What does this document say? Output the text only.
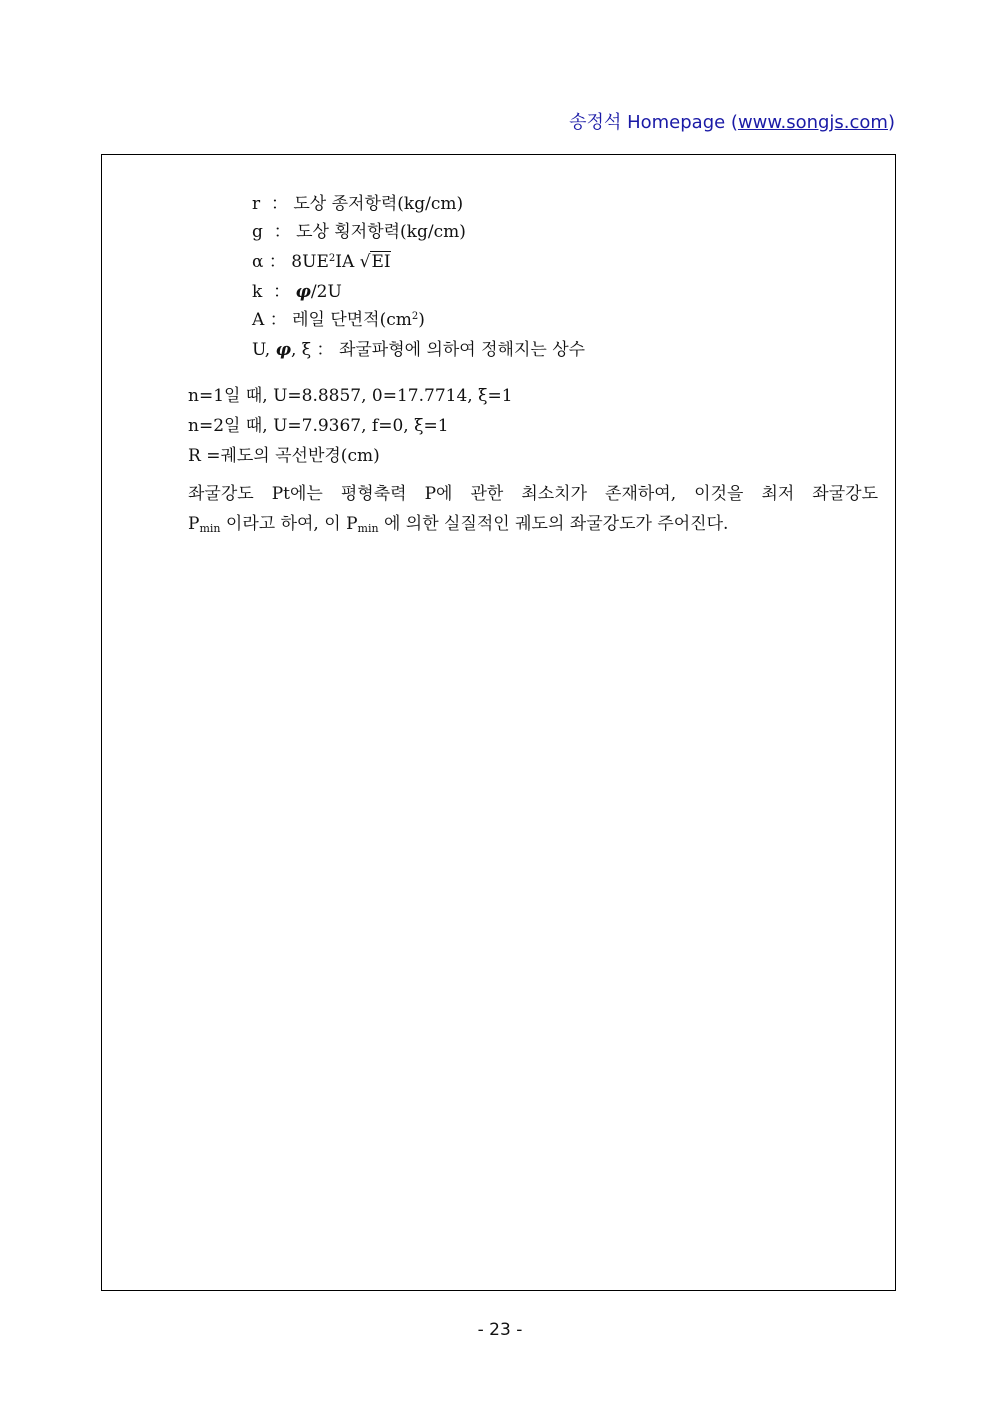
송정석 Homepage (www.songjs.com)
r ： 도상 종저항력(kg/cm)
g ： 도상 횡저항력(kg/cm)
α ： $8UE^2IA$ √EI
k ： φ/2U
A ： 레일 단면적$(cm^2)$
U, φ, ξ ： 좌굴파형에 의하여 정해지는 상수
n=1일 때, U=8.8857, 0=17.7714, ξ=1
n=2일 때, U=7.9367, f=0, ξ=1
R =궤도의 곡선반경(cm)
좌굴강도 Pt에는 평형축력 P에 관한 최소치가 존재하여, 이것을 최저 좌굴강도
$P_{min}$ 이라고 하여, 이 $P_{min}$ 에 의한 실질적인 궤도의 좌굴강도가 주어진다.
- 23 -
